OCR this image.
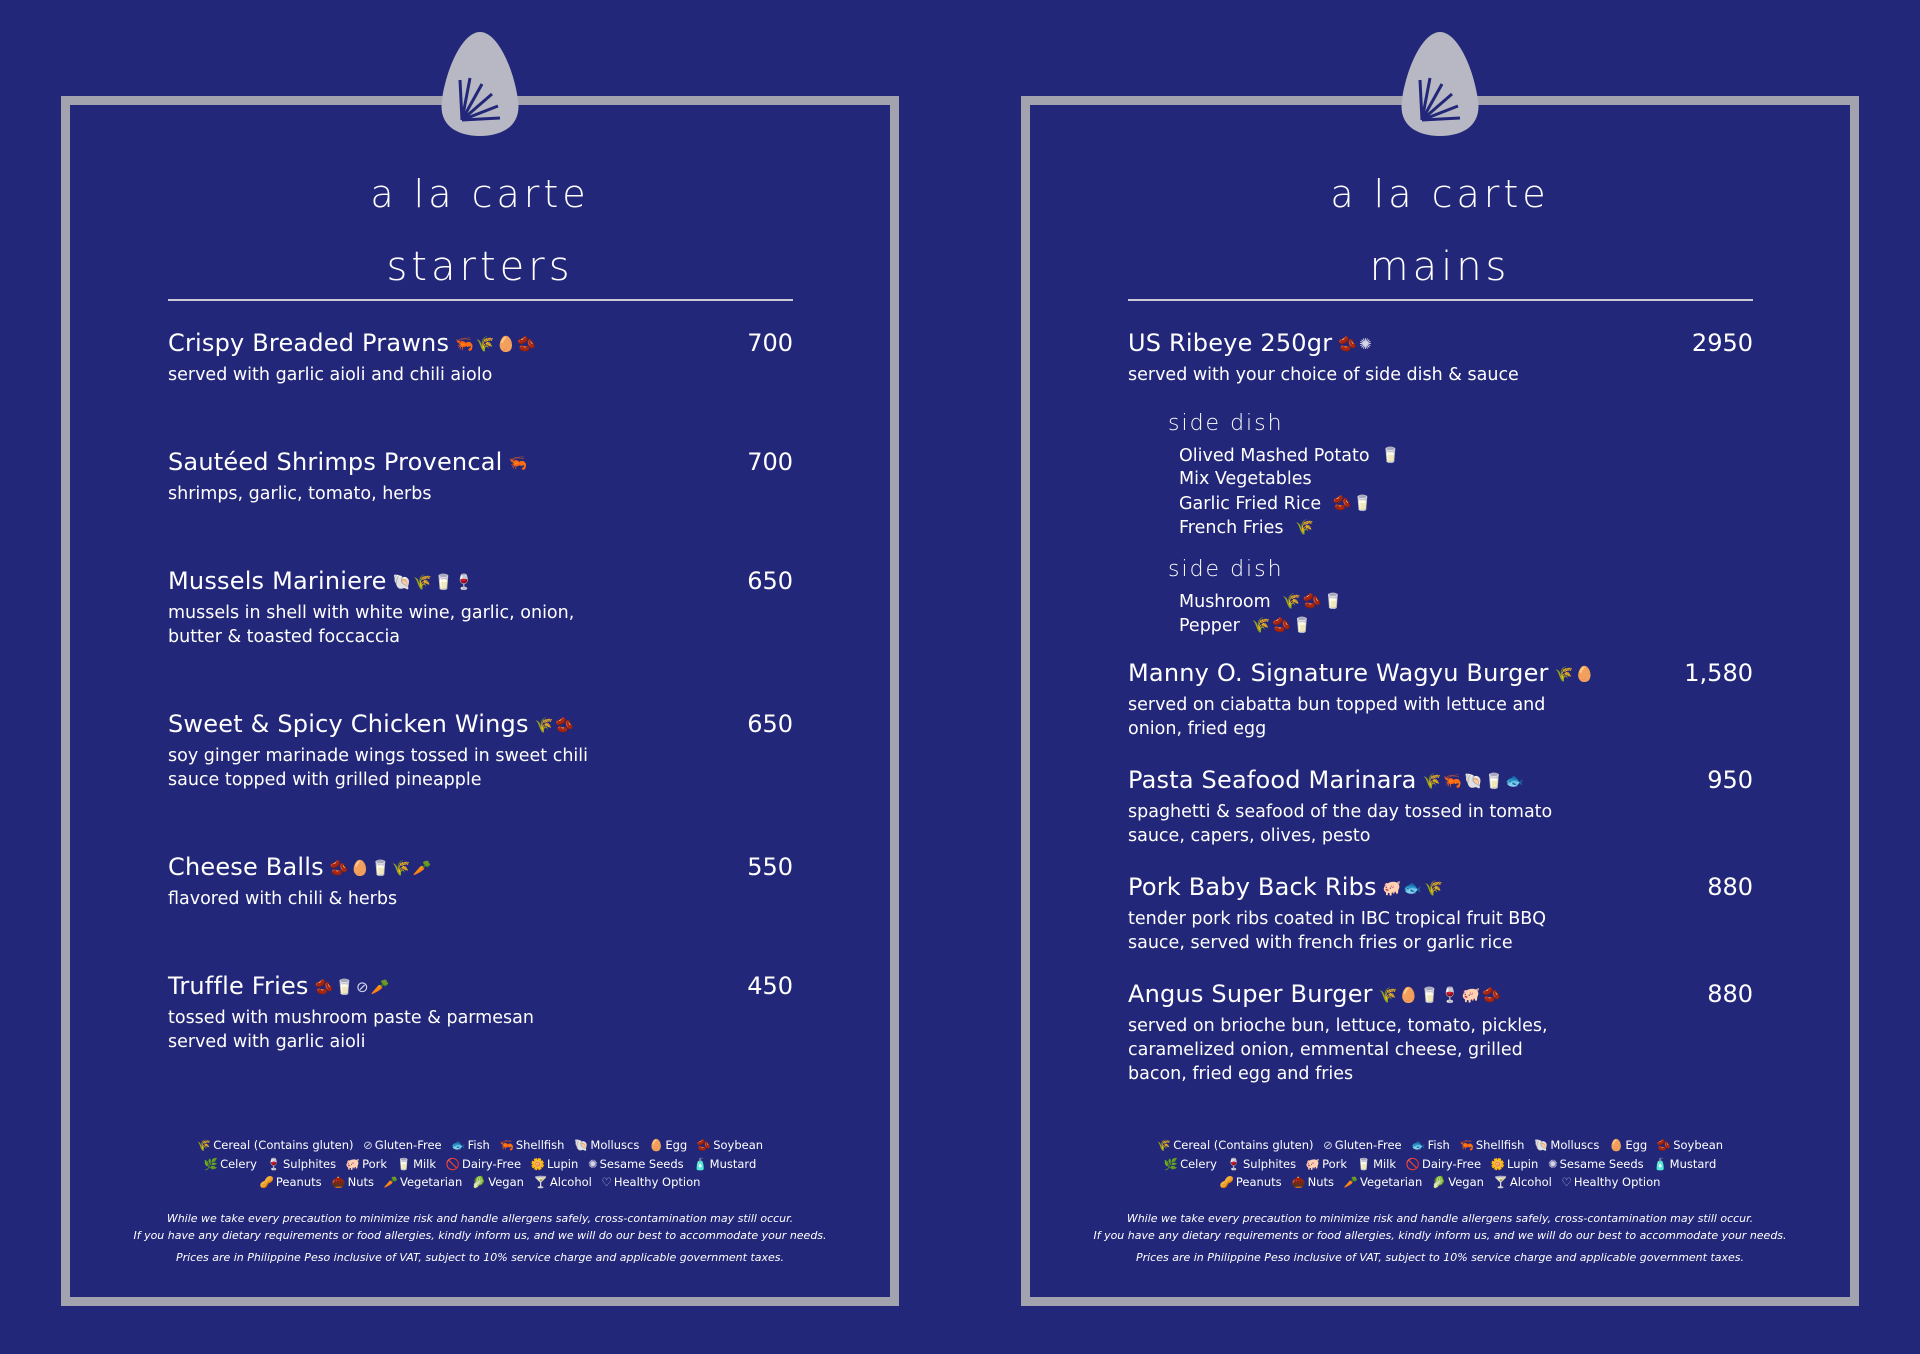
a la carte
starters
Crispy Breaded Prawns 🦐🌾🥚🫘	700
served with garlic aioli and chili aiolo
Sautéed Shrimps Provencal 🦐	700
shrimps, garlic, tomato, herbs
Mussels Mariniere 🐚🌾🥛🍷	650
mussels in shell with white wine, garlic, onion, butter & toasted foccaccia
Sweet & Spicy Chicken Wings 🌾🫘	650
soy ginger marinade wings tossed in sweet chili sauce topped with grilled pineapple
Cheese Balls 🫘🥚🥛🌾🥕	550
flavored with chili & herbs
Truffle Fries 🫘🥛⊘🥕	450
tossed with mushroom paste & parmesan served with garlic aioli
🌾 Cereal (Contains gluten) ⊘ Gluten-Free 🐟 Fish 🦐 Shellfish 🐚 Molluscs 🥚 Egg 🫘 Soybean
🌿 Celery 🍷 Sulphites 🐖 Pork 🥛 Milk 🚫 Dairy-Free 🌼 Lupin ✺ Sesame Seeds 🧴 Mustard
🥜 Peanuts 🌰 Nuts 🥕 Vegetarian 🥬 Vegan 🍸 Alcohol ♡ Healthy Option
While we take every precaution to minimize risk and handle allergens safely, cross-contamination may still occur.
If you have any dietary requirements or food allergies, kindly inform us, and we will do our best to accommodate your needs.
Prices are in Philippine Peso inclusive of VAT, subject to 10% service charge and applicable government taxes.
a la carte
mains
US Ribeye 250gr 🫘✺	2950
served with your choice of side dish & sauce
side dish
Olived Mashed Potato 🥛
Mix Vegetables
Garlic Fried Rice 🫘🥛
French Fries 🌾
side dish
Mushroom 🌾🫘🥛
Pepper 🌾🫘🥛
Manny O. Signature Wagyu Burger 🌾🥚	1,580
served on ciabatta bun topped with lettuce and onion, fried egg
Pasta Seafood Marinara 🌾🦐🐚🥛🐟	950
spaghetti & seafood of the day tossed in tomato sauce, capers, olives, pesto
Pork Baby Back Ribs 🐖🐟🌾	880
tender pork ribs coated in IBC tropical fruit BBQ sauce, served with french fries or garlic rice
Angus Super Burger 🌾🥚🥛🍷🐖🫘	880
served on brioche bun, lettuce, tomato, pickles, caramelized onion, emmental cheese, grilled bacon, fried egg and fries
🌾 Cereal (Contains gluten) ⊘ Gluten-Free 🐟 Fish 🦐 Shellfish 🐚 Molluscs 🥚 Egg 🫘 Soybean
🌿 Celery 🍷 Sulphites 🐖 Pork 🥛 Milk 🚫 Dairy-Free 🌼 Lupin ✺ Sesame Seeds 🧴 Mustard
🥜 Peanuts 🌰 Nuts 🥕 Vegetarian 🥬 Vegan 🍸 Alcohol ♡ Healthy Option
While we take every precaution to minimize risk and handle allergens safely, cross-contamination may still occur.
If you have any dietary requirements or food allergies, kindly inform us, and we will do our best to accommodate your needs.
Prices are in Philippine Peso inclusive of VAT, subject to 10% service charge and applicable government taxes.
